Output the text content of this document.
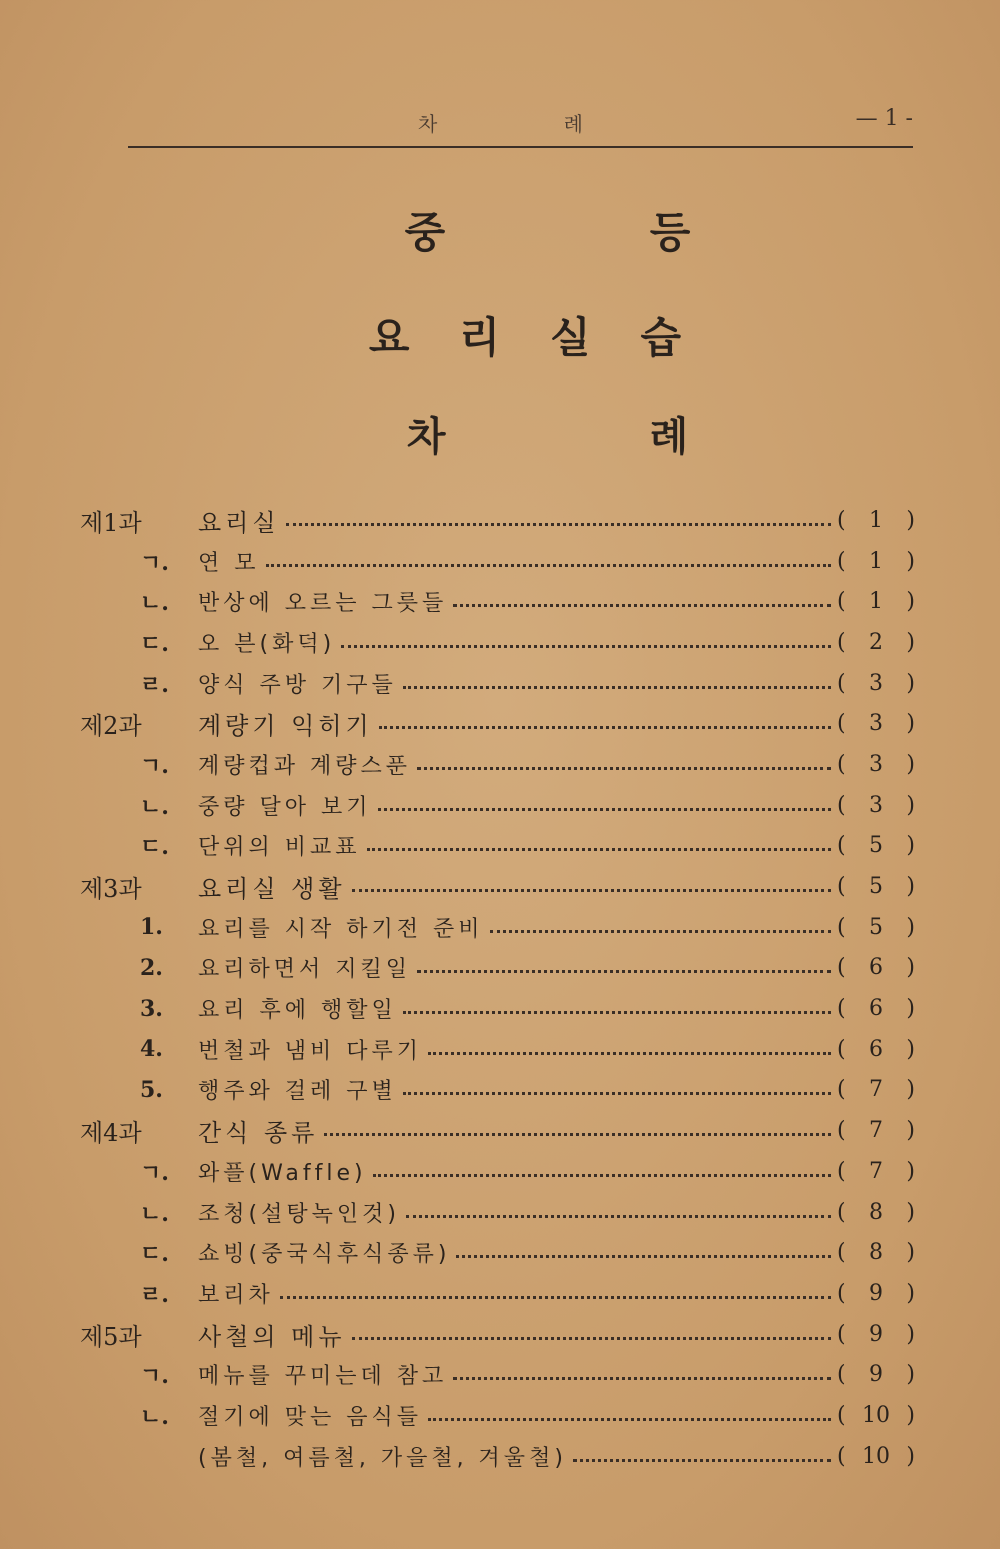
차 례	— 1 -
중 등
요리실습
차 례
제1과	요리실	(	1	)
ㄱ.	연 모	(	1	)
ㄴ.	반상에 오르는 그릇들	(	1	)
ㄷ.	오 븐(화덕)	(	2	)
ㄹ.	양식 주방 기구들	(	3	)
제2과	계량기 익히기	(	3	)
ㄱ.	계량컵과 계량스푼	(	3	)
ㄴ.	중량 달아 보기	(	3	)
ㄷ.	단위의 비교표	(	5	)
제3과	요리실 생활	(	5	)
1.	요리를 시작 하기전 준비	(	5	)
2.	요리하면서 지킬일	(	6	)
3.	요리 후에 행할일	(	6	)
4.	번철과 냄비 다루기	(	6	)
5.	행주와 걸레 구별	(	7	)
제4과	간식 종류	(	7	)
ㄱ.	와플(Waffle)	(	7	)
ㄴ.	조청(설탕녹인것)	(	8	)
ㄷ.	쇼빙(중국식후식종류)	(	8	)
ㄹ.	보리차	(	9	)
제5과	사철의 메뉴	(	9	)
ㄱ.	메뉴를 꾸미는데 참고	(	9	)
ㄴ.	절기에 맞는 음식들	( 10 )
(봄철, 여름철, 가을철, 겨울철)	( 10 )
